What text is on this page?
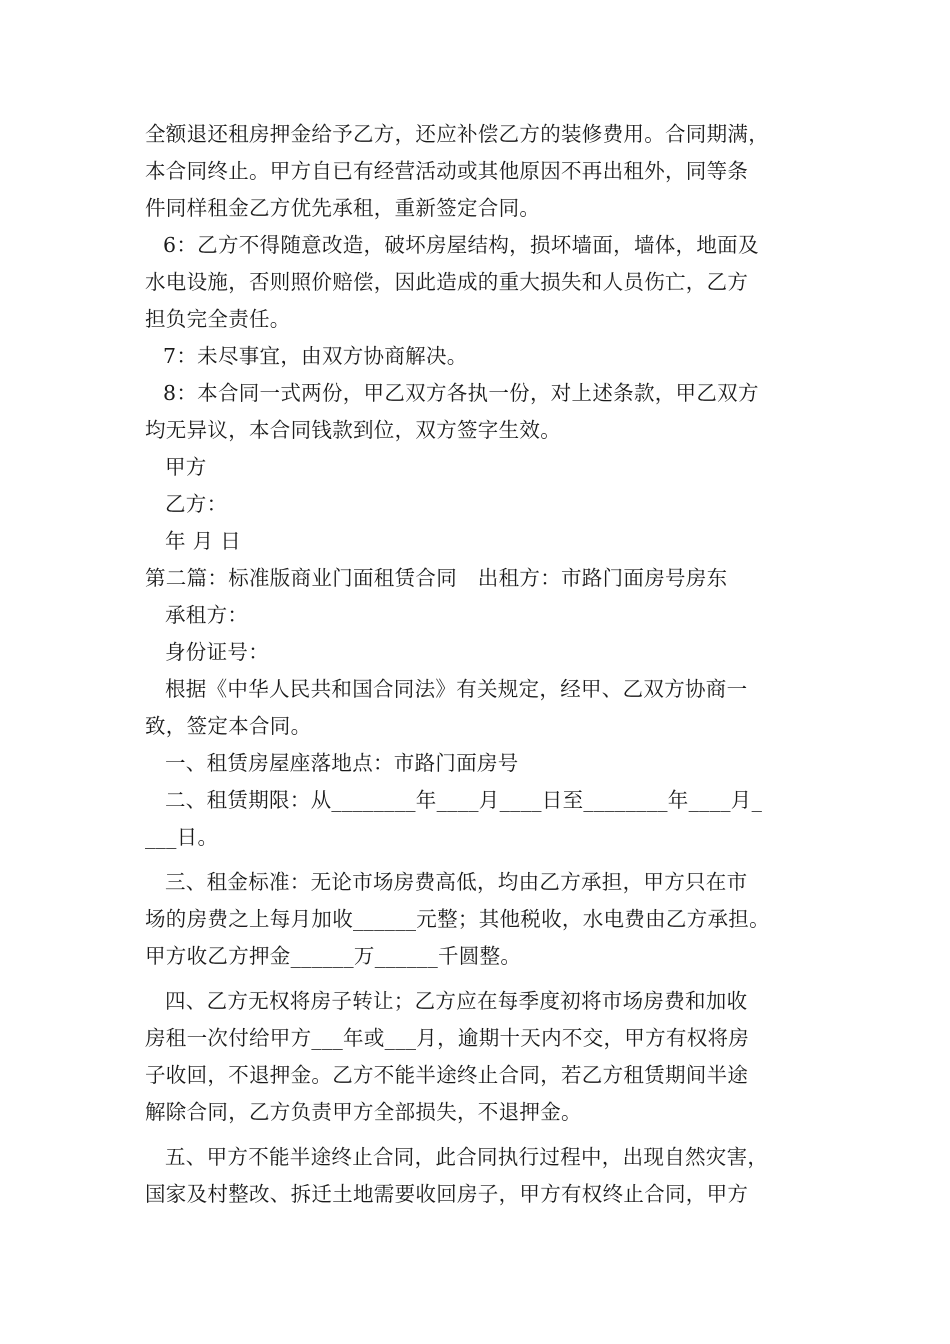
全额退还租房押金给予乙方，还应补偿乙方的装修费用。合同期满，
本合同终止。甲方自已有经营活动或其他原因不再出租外，同等条
件同样租金乙方优先承租，重新签定合同。
6：乙方不得随意改造，破坏房屋结构，损坏墙面，墙体，地面及
水电设施，否则照价赔偿，因此造成的重大损失和人员伤亡，乙方
担负完全责任。
7：未尽事宜，由双方协商解决。
8：本合同一式两份，甲乙双方各执一份，对上述条款，甲乙双方
均无异议，本合同钱款到位，双方签字生效。
甲方
乙方：
年 月 日
第二篇：标准版商业门面租赁合同　出租方：市路门面房号房东
承租方：
身份证号：
根据《中华人民共和国合同法》有关规定，经甲、乙双方协商一
致，签定本合同。
一、租赁房屋座落地点：市路门面房号
二、租赁期限：从________年____月____日至________年____月_
___日。
三、租金标准：无论市场房费高低，均由乙方承担，甲方只在市
场的房费之上每月加收______元整；其他税收，水电费由乙方承担。
甲方收乙方押金______万______千圆整。
四、乙方无权将房子转让；乙方应在每季度初将市场房费和加收
房租一次付给甲方___年或___月，逾期十天内不交，甲方有权将房
子收回，不退押金。乙方不能半途终止合同，若乙方租赁期间半途
解除合同，乙方负责甲方全部损失，不退押金。
五、甲方不能半途终止合同，此合同执行过程中，出现自然灾害，
国家及村整改、拆迁土地需要收回房子，甲方有权终止合同，甲方
